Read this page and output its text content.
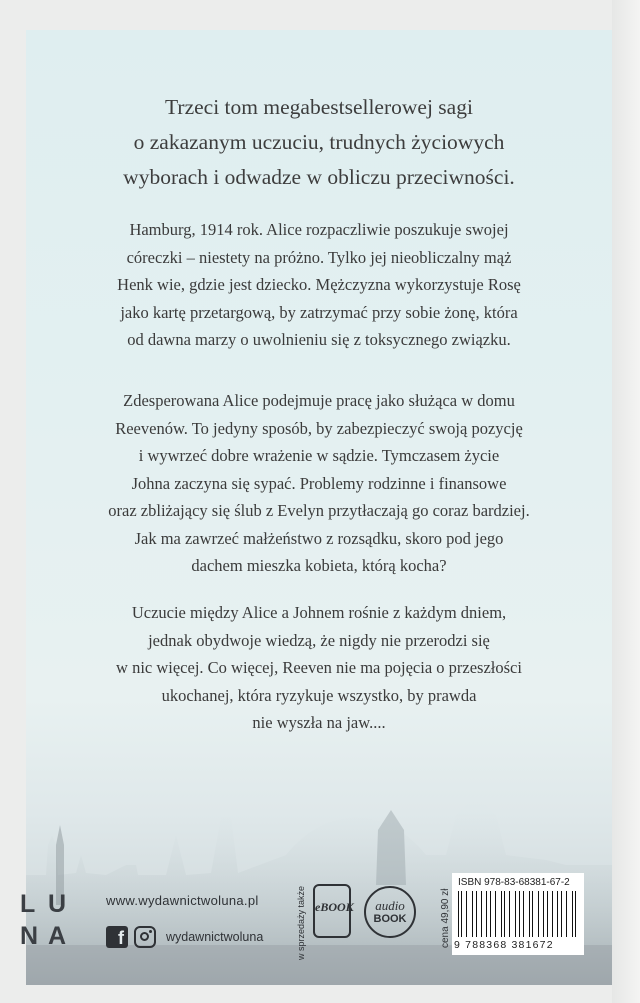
Trzeci tom megabestsellerowej sagi
o zakazanym uczuciu, trudnych życiowych
wyborach i odwadze w obliczu przeciwności.
Hamburg, 1914 rok. Alice rozpaczliwie poszukuje swojej
córeczki – niestety na próżno. Tylko jej nieobliczalny mąż
Henk wie, gdzie jest dziecko. Mężczyzna wykorzystuje Rosę
jako kartę przetargową, by zatrzymać przy sobie żonę, która
od dawna marzy o uwolnieniu się z toksycznego związku.
Zdesperowana Alice podejmuje pracę jako służąca w domu
Reevenów. To jedyny sposób, by zabezpieczyć swoją pozycję
i wywrzeć dobre wrażenie w sądzie. Tymczasem życie
Johna zaczyna się sypać. Problemy rodzinne i finansowe
oraz zbliżający się ślub z Evelyn przytłaczają go coraz bardziej.
Jak ma zawrzeć małżeństwo z rozsądku, skoro pod jego
dachem mieszka kobieta, którą kocha?
Uczucie między Alice a Johnem rośnie z każdym dniem,
jednak obydwoje wiedzą, że nigdy nie przerodzi się
w nic więcej. Co więcej, Reeven nie ma pojęcia o przeszłości
ukochanej, która ryzykuje wszystko, by prawda
nie wyszła na jaw....
L U
N A
www.wydawnictwoluna.pl
f	wydawnictwoluna	w sprzedaży także eBOOK	audio
BOOK	cena 49,90 zł
ISBN 978-83-68381-67-2
9 788368 381672
